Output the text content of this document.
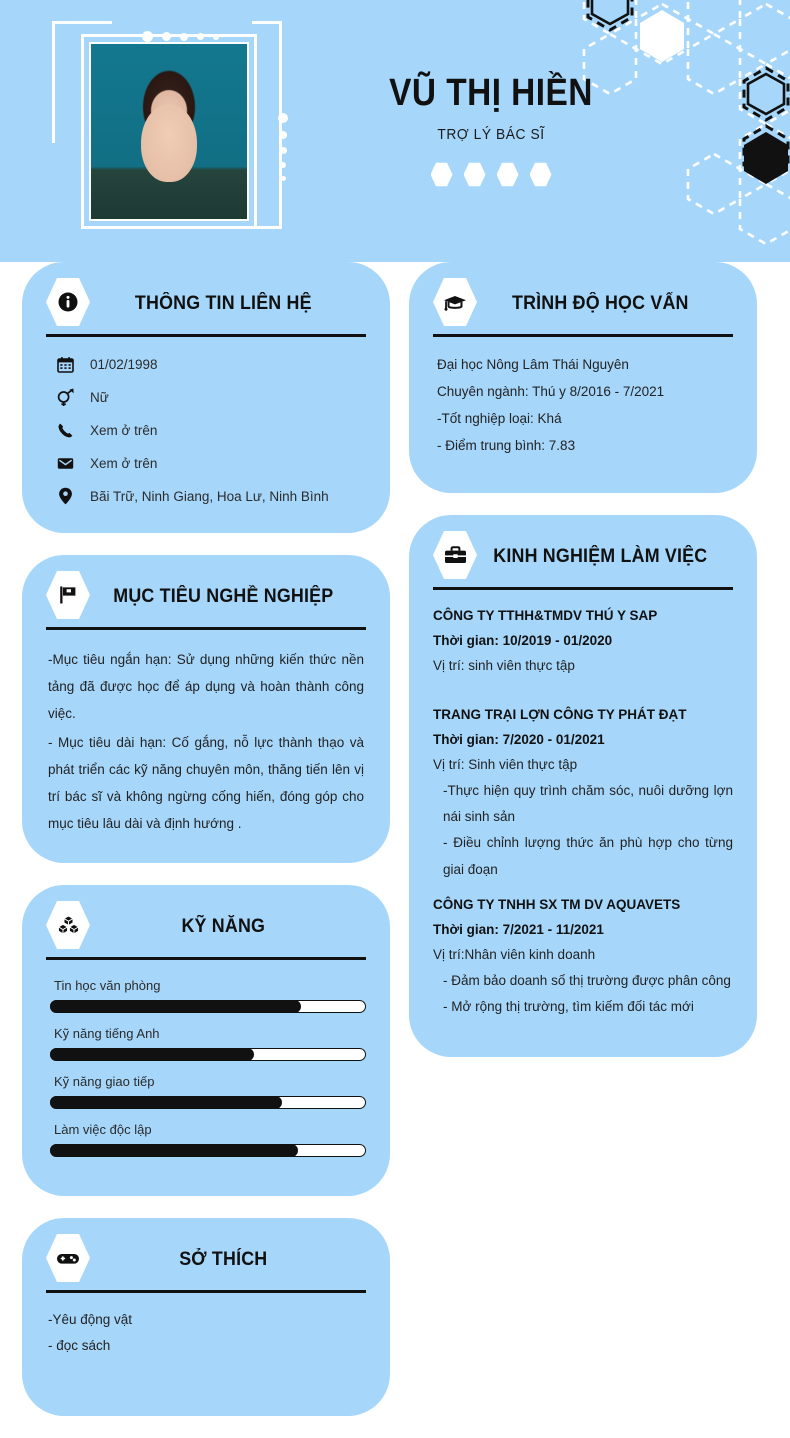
VŨ THỊ HIỀN
TRỢ LÝ BÁC SĨ
THÔNG TIN LIÊN HỆ
01/02/1998
Nữ
Xem ở trên
Xem ở trên
Bãi Trữ, Ninh Giang, Hoa Lư, Ninh Bình
MỤC TIÊU NGHỀ NGHIỆP
-Mục tiêu ngắn hạn: Sử dụng những kiến thức nền tảng đã được học để áp dụng và hoàn thành công việc.
- Mục tiêu dài hạn: Cố gắng, nỗ lực thành thạo và phát triển các kỹ năng chuyên môn, thăng tiến lên vị trí bác sĩ và không ngừng cống hiến, đóng góp cho mục tiêu lâu dài và định hướng .
KỸ NĂNG
Tin học văn phòng
Kỹ năng tiếng Anh
Kỹ năng giao tiếp
Làm việc độc lập
SỞ THÍCH
-Yêu động vật
- đọc sách
TRÌNH ĐỘ HỌC VẤN
Đại học Nông Lâm Thái Nguyên
Chuyên ngành: Thú y 8/2016 - 7/2021
-Tốt nghiệp loại: Khá
- Điểm trung bình: 7.83
KINH NGHIỆM LÀM VIỆC
CÔNG TY TTHH&TMDV THÚ Y SAP
Thời gian: 10/2019 - 01/2020
Vị trí: sinh viên thực tập
TRANG TRẠI LỢN CÔNG TY PHÁT ĐẠT
Thời gian: 7/2020 - 01/2021
Vị trí: Sinh viên thực tập
-Thực hiện quy trình chăm sóc, nuôi dưỡng lợn nái sinh sản
- Điều chỉnh lượng thức ăn phù hợp cho từng giai đoạn
CÔNG TY TNHH SX TM DV AQUAVETS
Thời gian: 7/2021 - 11/2021
Vị trí:Nhân viên kinh doanh
- Đảm bảo doanh số thị trường được phân công
- Mở rộng thị trường, tìm kiếm đối tác mới
